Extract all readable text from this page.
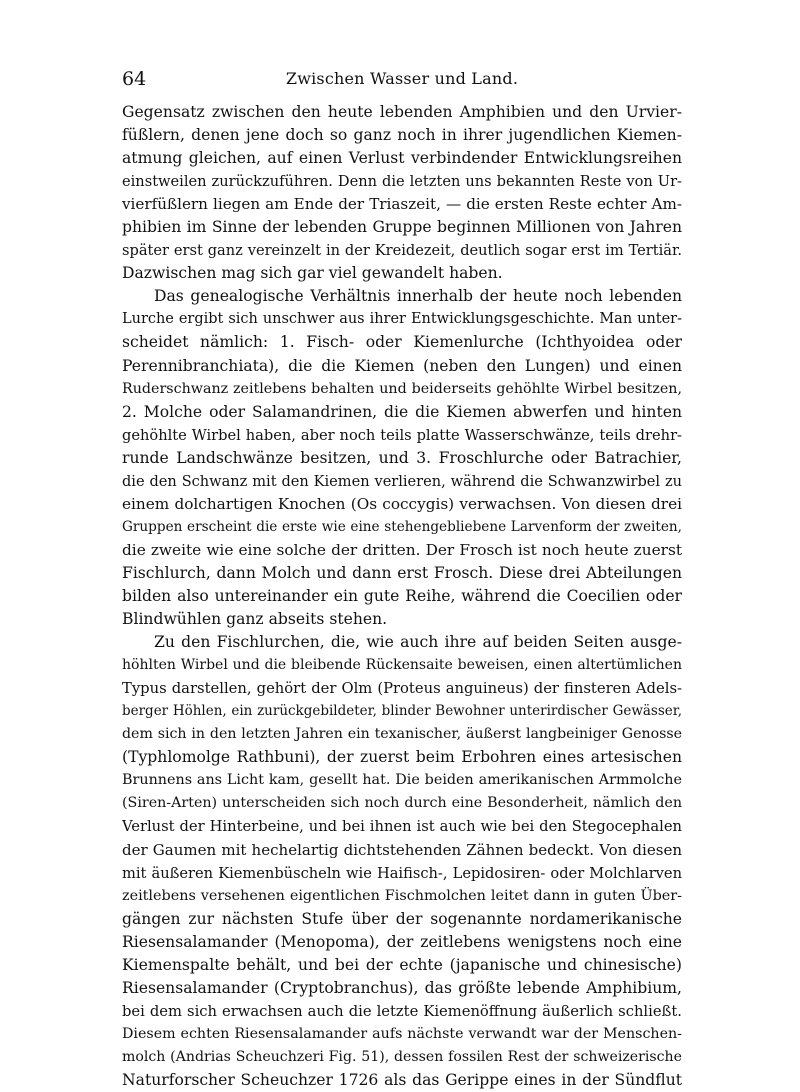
64	Zwischen Wasser und Land.
Gegensatz zwischen den heute lebenden Amphibien und den Urvier-
füßlern, denen jene doch so ganz noch in ihrer jugendlichen Kiemen-
atmung gleichen, auf einen Verlust verbindender Entwicklungsreihen
einstweilen zurückzuführen. Denn die letzten uns bekannten Reste von Ur-
vierfüßlern liegen am Ende der Triaszeit, — die ersten Reste echter Am-
phibien im Sinne der lebenden Gruppe beginnen Millionen von Jahren
später erst ganz vereinzelt in der Kreidezeit, deutlich sogar erst im Tertiär.
Dazwischen mag sich gar viel gewandelt haben.
Das genealogische Verhältnis innerhalb der heute noch lebenden
Lurche ergibt sich unschwer aus ihrer Entwicklungsgeschichte. Man unter-
scheidet nämlich: 1. Fisch- oder Kiemenlurche (Ichthyoidea oder
Perennibranchiata), die die Kiemen (neben den Lungen) und einen
Ruderschwanz zeitlebens behalten und beiderseits gehöhlte Wirbel besitzen,
2. Molche oder Salamandrinen, die die Kiemen abwerfen und hinten
gehöhlte Wirbel haben, aber noch teils platte Wasserschwänze, teils drehr-
runde Landschwänze besitzen, und 3. Froschlurche oder Batrachier,
die den Schwanz mit den Kiemen verlieren, während die Schwanzwirbel zu
einem dolchartigen Knochen (Os coccygis) verwachsen. Von diesen drei
Gruppen erscheint die erste wie eine stehengebliebene Larvenform der zweiten,
die zweite wie eine solche der dritten. Der Frosch ist noch heute zuerst
Fischlurch, dann Molch und dann erst Frosch. Diese drei Abteilungen
bilden also untereinander ein gute Reihe, während die Coecilien oder
Blindwühlen ganz abseits stehen.
Zu den Fischlurchen, die, wie auch ihre auf beiden Seiten ausge-
höhlten Wirbel und die bleibende Rückensaite beweisen, einen altertümlichen
Typus darstellen, gehört der Olm (Proteus anguineus) der finsteren Adels-
berger Höhlen, ein zurückgebildeter, blinder Bewohner unterirdischer Gewässer,
dem sich in den letzten Jahren ein texanischer, äußerst langbeiniger Genosse
(Typhlomolge Rathbuni), der zuerst beim Erbohren eines artesischen
Brunnens ans Licht kam, gesellt hat. Die beiden amerikanischen Armmolche
(Siren-Arten) unterscheiden sich noch durch eine Besonderheit, nämlich den
Verlust der Hinterbeine, und bei ihnen ist auch wie bei den Stegocephalen
der Gaumen mit hechelartig dichtstehenden Zähnen bedeckt. Von diesen
mit äußeren Kiemenbüscheln wie Haifisch-, Lepidosiren- oder Molchlarven
zeitlebens versehenen eigentlichen Fischmolchen leitet dann in guten Über-
gängen zur nächsten Stufe über der sogenannte nordamerikanische
Riesensalamander (Menopoma), der zeitlebens wenigstens noch eine
Kiemenspalte behält, und bei der echte (japanische und chinesische)
Riesensalamander (Cryptobranchus), das größte lebende Amphibium,
bei dem sich erwachsen auch die letzte Kiemenöffnung äußerlich schließt.
Diesem echten Riesensalamander aufs nächste verwandt war der Menschen-
molch (Andrias Scheuchzeri Fig. 51), dessen fossilen Rest der schweizerische
Naturforscher Scheuchzer 1726 als das Gerippe eines in der Sündflut
